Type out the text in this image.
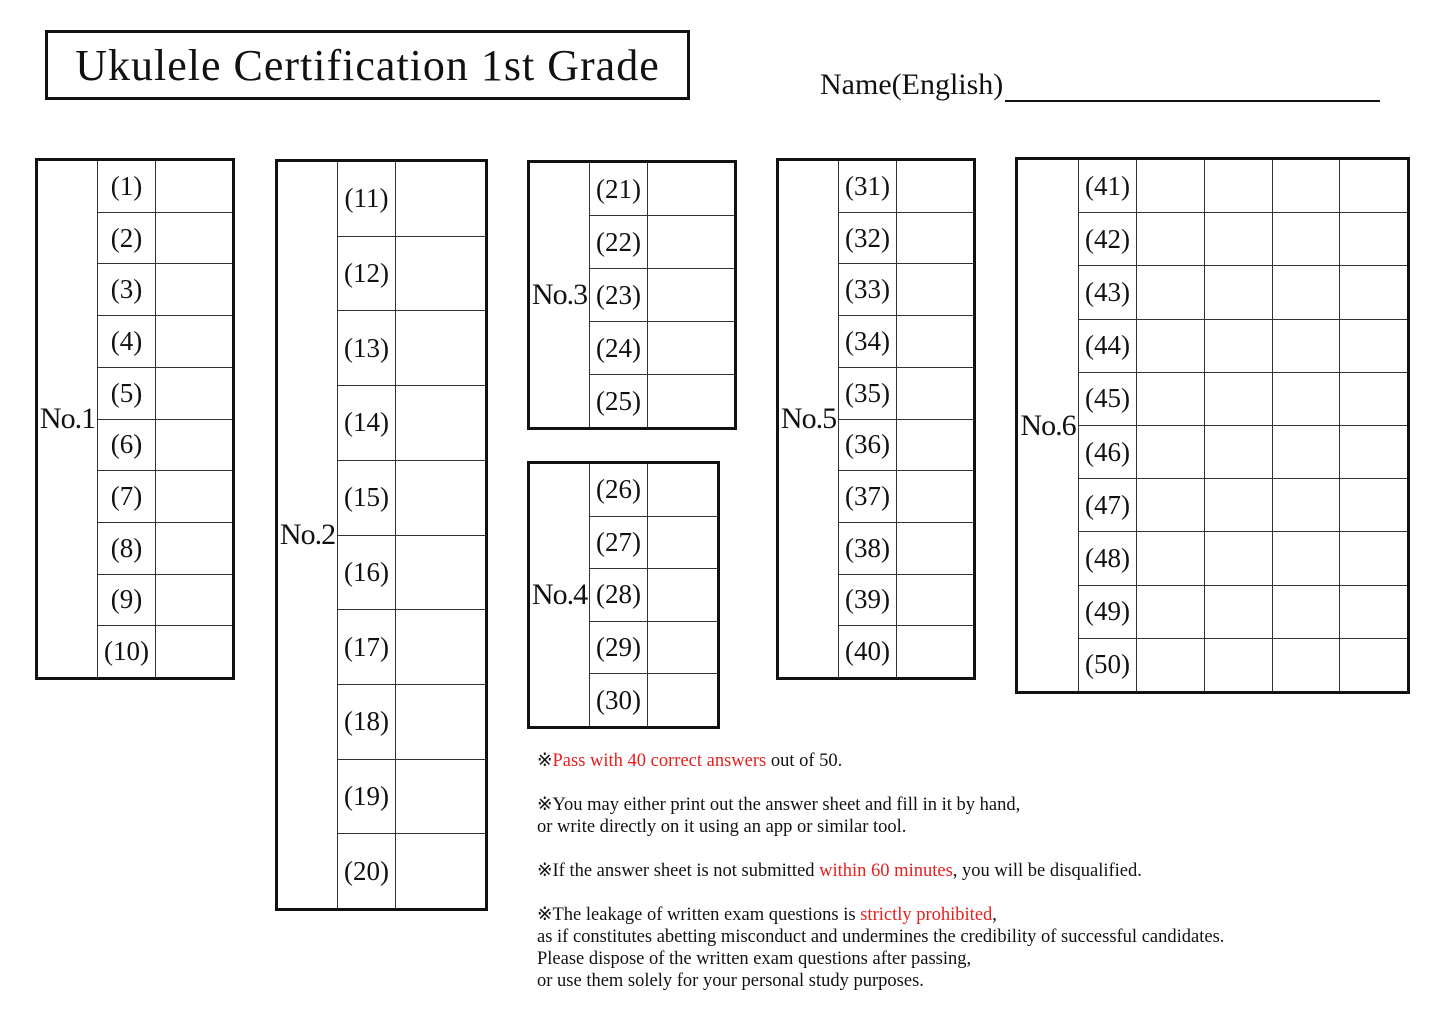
Ukulele Certification 1st Grade	Name(English)
No.1
(1)
(2)
(3)
(4)
(5)
(6)
(7)
(8)
(9)
(10)
No.2
(11)
(12)
(13)
(14)
(15)
(16)
(17)
(18)
(19)
(20)
No.3
(21)
(22)
(23)
(24)
(25)
No.4
(26)
(27)
(28)
(29)
(30)
No.5
(31)
(32)
(33)
(34)
(35)
(36)
(37)
(38)
(39)
(40)
No.6
(41)
(42)
(43)
(44)
(45)
(46)
(47)
(48)
(49)
(50)

※Pass with 40 correct answers out of 50.

※You may either print out the answer sheet and fill in it by hand,
or write directly on it using an app or similar tool.

※If the answer sheet is not submitted within 60 minutes, you will be disqualified.

※The leakage of written exam questions is strictly prohibited,
as if constitutes abetting misconduct and undermines the credibility of successful candidates.
Please dispose of the written exam questions after passing,
or use them solely for your personal study purposes.
